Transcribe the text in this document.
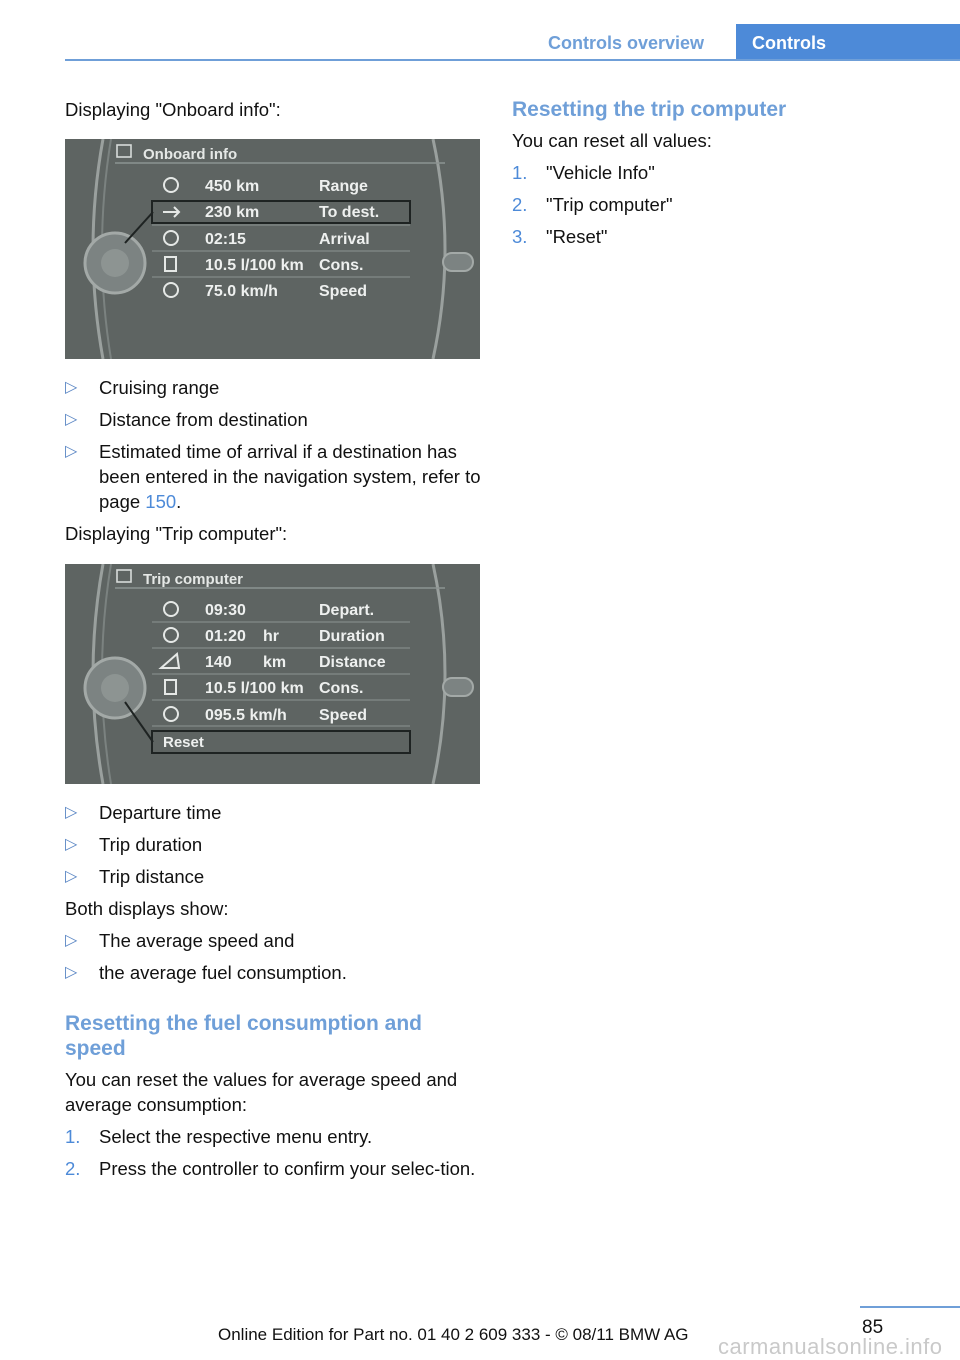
Controls overview	Controls

Displaying "Onboard info":

Onboard info
450 km	Range
230 km	To dest.
02:15	Arrival
10.5 l/100 km Cons.
75.0 km/h	Speed
▷ Cruising range
▷ Distance from destination
▷ Estimated time of arrival if a destination has been entered in the navigation system, refer to page 150.

Displaying "Trip computer":

Trip computer
09:30	Depart.
01:20 hr	Duration
140 km Distance
10.5 l/100 km Cons.
095.5 km/h Speed
Reset
▷ Departure time
▷ Trip duration
▷ Trip distance

Both displays show:

▷ The average speed and
▷ the average fuel consumption.
Resetting the fuel consumption and speed

You can reset the values for average speed and average consumption:

1. Select the respective menu entry.
2. Press the controller to confirm your selec-tion.
Resetting the trip computer

You can reset all values:

1. "Vehicle Info"
2. "Trip computer"
3. "Reset"
85
Online Edition for Part no. 01 40 2 609 333 - © 08/11 BMW AG carmanualsonline.info
